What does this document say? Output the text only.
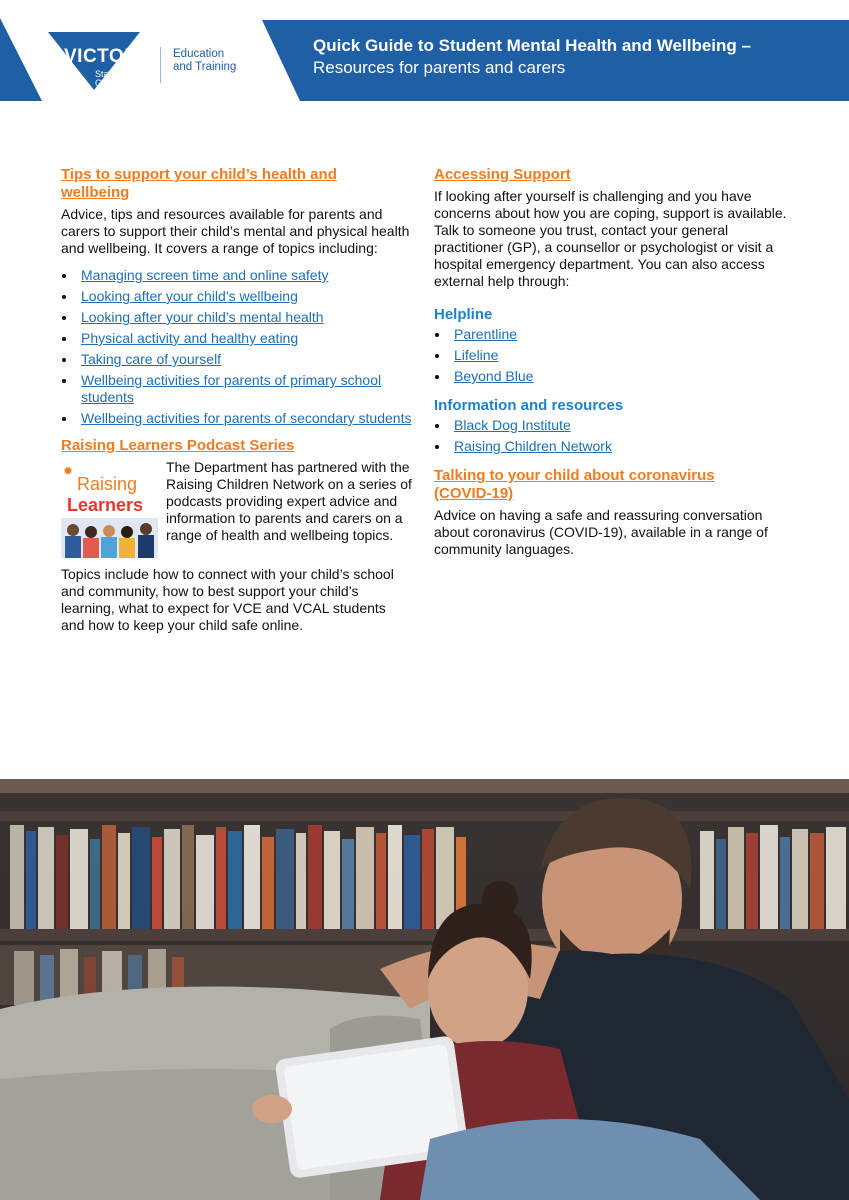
VICTORIA
State
Government
Education
and Training
Quick Guide to Student Mental Health and Wellbeing –
Resources for parents and carers
Tips to support your child’s health and
wellbeing

Advice, tips and resources available for parents and carers to support their child’s mental and physical health and wellbeing. It covers a range of topics including:

Managing screen time and online safety
Looking after your child’s wellbeing
Looking after your child’s mental health
Physical activity and healthy eating
Taking care of yourself
Wellbeing activities for parents of primary school students
Wellbeing activities for parents of secondary students
Raising Learners Podcast Series
✹
Raising
Learners
The Department has partnered with the Raising Children Network on a series of podcasts providing expert advice and information to parents and carers on a range of health and wellbeing topics.

Topics include how to connect with your child’s school and community, how to best support your child’s learning, what to expect for VCE and VCAL students and how to keep your child safe online.

Accessing Support

If looking after yourself is challenging and you have concerns about how you are coping, support is available. Talk to someone you trust, contact your general practitioner (GP), a counsellor or psychologist or visit a hospital emergency department. You can also access external help through:

Helpline
Parentline
Lifeline
Beyond Blue
Information and resources
Black Dog Institute
Raising Children Network
Talking to your child about coronavirus
(COVID-19)

Advice on having a safe and reassuring conversation about coronavirus (COVID-19), available in a range of community languages.
